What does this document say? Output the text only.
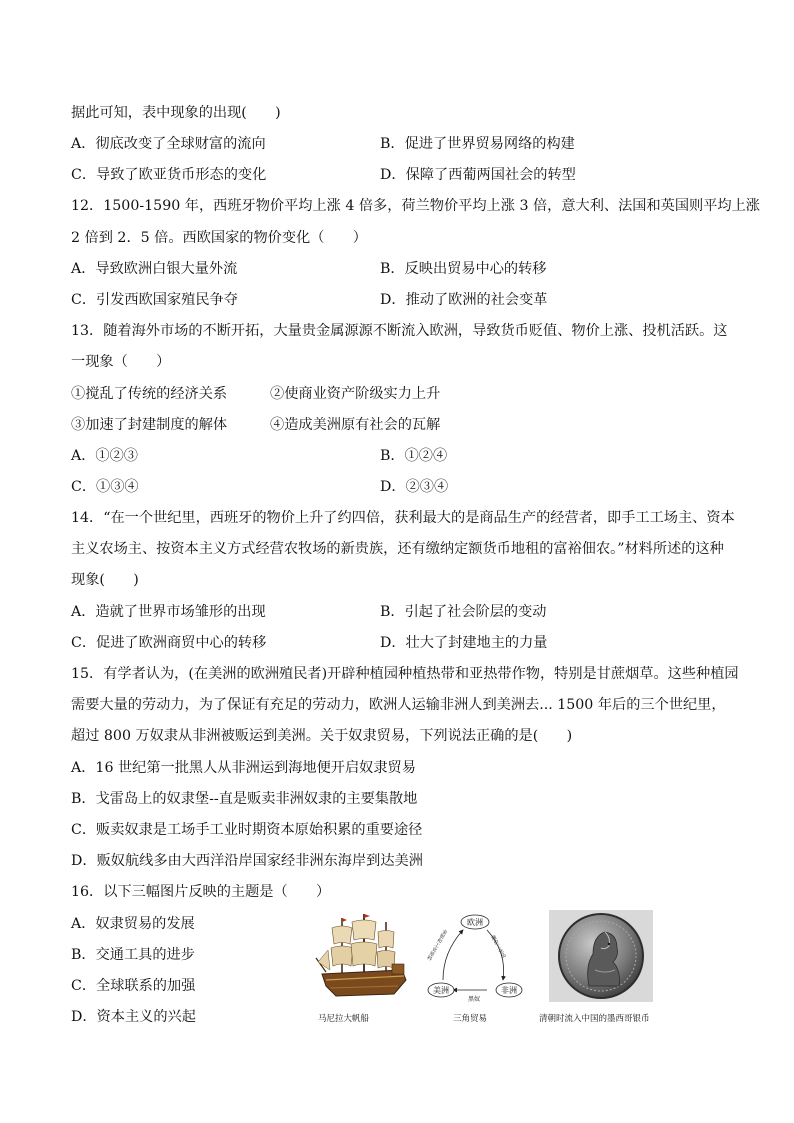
据此可知，表中现象的出现(　　)
A．彻底改变了全球财富的流向	B．促进了世界贸易网络的构建
C．导致了欧亚货币形态的变化	D．保障了西葡两国社会的转型
12．1500-1590 年，西班牙物价平均上涨 4 倍多，荷兰物价平均上涨 3 倍，意大利、法国和英国则平均上涨
2 倍到 2．5 倍。西欧国家的物价变化（　　）
A．导致欧洲白银大量外流	B．反映出贸易中心的转移
C．引发西欧国家殖民争夺	D．推动了欧洲的社会变革
13．随着海外市场的不断开拓，大量贵金属源源不断流入欧洲，导致货币贬值、物价上涨、投机活跃。这
一现象（　　）
①搅乱了传统的经济关系	②使商业资产阶级实力上升
③加速了封建制度的解体	④造成美洲原有社会的瓦解
A．①②③	B．①②④
C．①③④	D．②③④
14．“在一个世纪里，西班牙的物价上升了约四倍，获利最大的是商品生产的经营者，即手工工场主、资本
主义农场主、按资本主义方式经营农牧场的新贵族，还有缴纳定额货币地租的富裕佃农。”材料所述的这种
现象(　　)
A．造就了世界市场雏形的出现	B．引起了社会阶层的变动
C．促进了欧洲商贸中心的转移	D．壮大了封建地主的力量
15．有学者认为，(在美洲的欧洲殖民者)开辟种植园种植热带和亚热带作物，特别是甘蔗烟草。这些种植园
需要大量的劳动力，为了保证有充足的劳动力，欧洲人运输非洲人到美洲去... 1500 年后的三个世纪里，
超过 800 万奴隶从非洲被贩运到美洲。关于奴隶贸易，下列说法正确的是(　　)
A．16 世纪第一批黑人从非洲运到海地便开启奴隶贸易
B．戈雷岛上的奴隶堡--直是贩卖非洲奴隶的主要集散地
C．贩卖奴隶是工场手工业时期资本原始积累的重要途径
D．贩奴航线多由大西洋沿岸国家经非洲东海岸到达美洲
16．以下三幅图片反映的主题是（　　）
A．奴隶贸易的发展
B．交通工具的进步
C．全球联系的加强
D．资本主义的兴起	马尼拉大帆船
欧洲
美洲	非洲
金银和工业原料	廉价工业品
黑奴
三角贸易	清朝时流入中国的墨西哥银币
